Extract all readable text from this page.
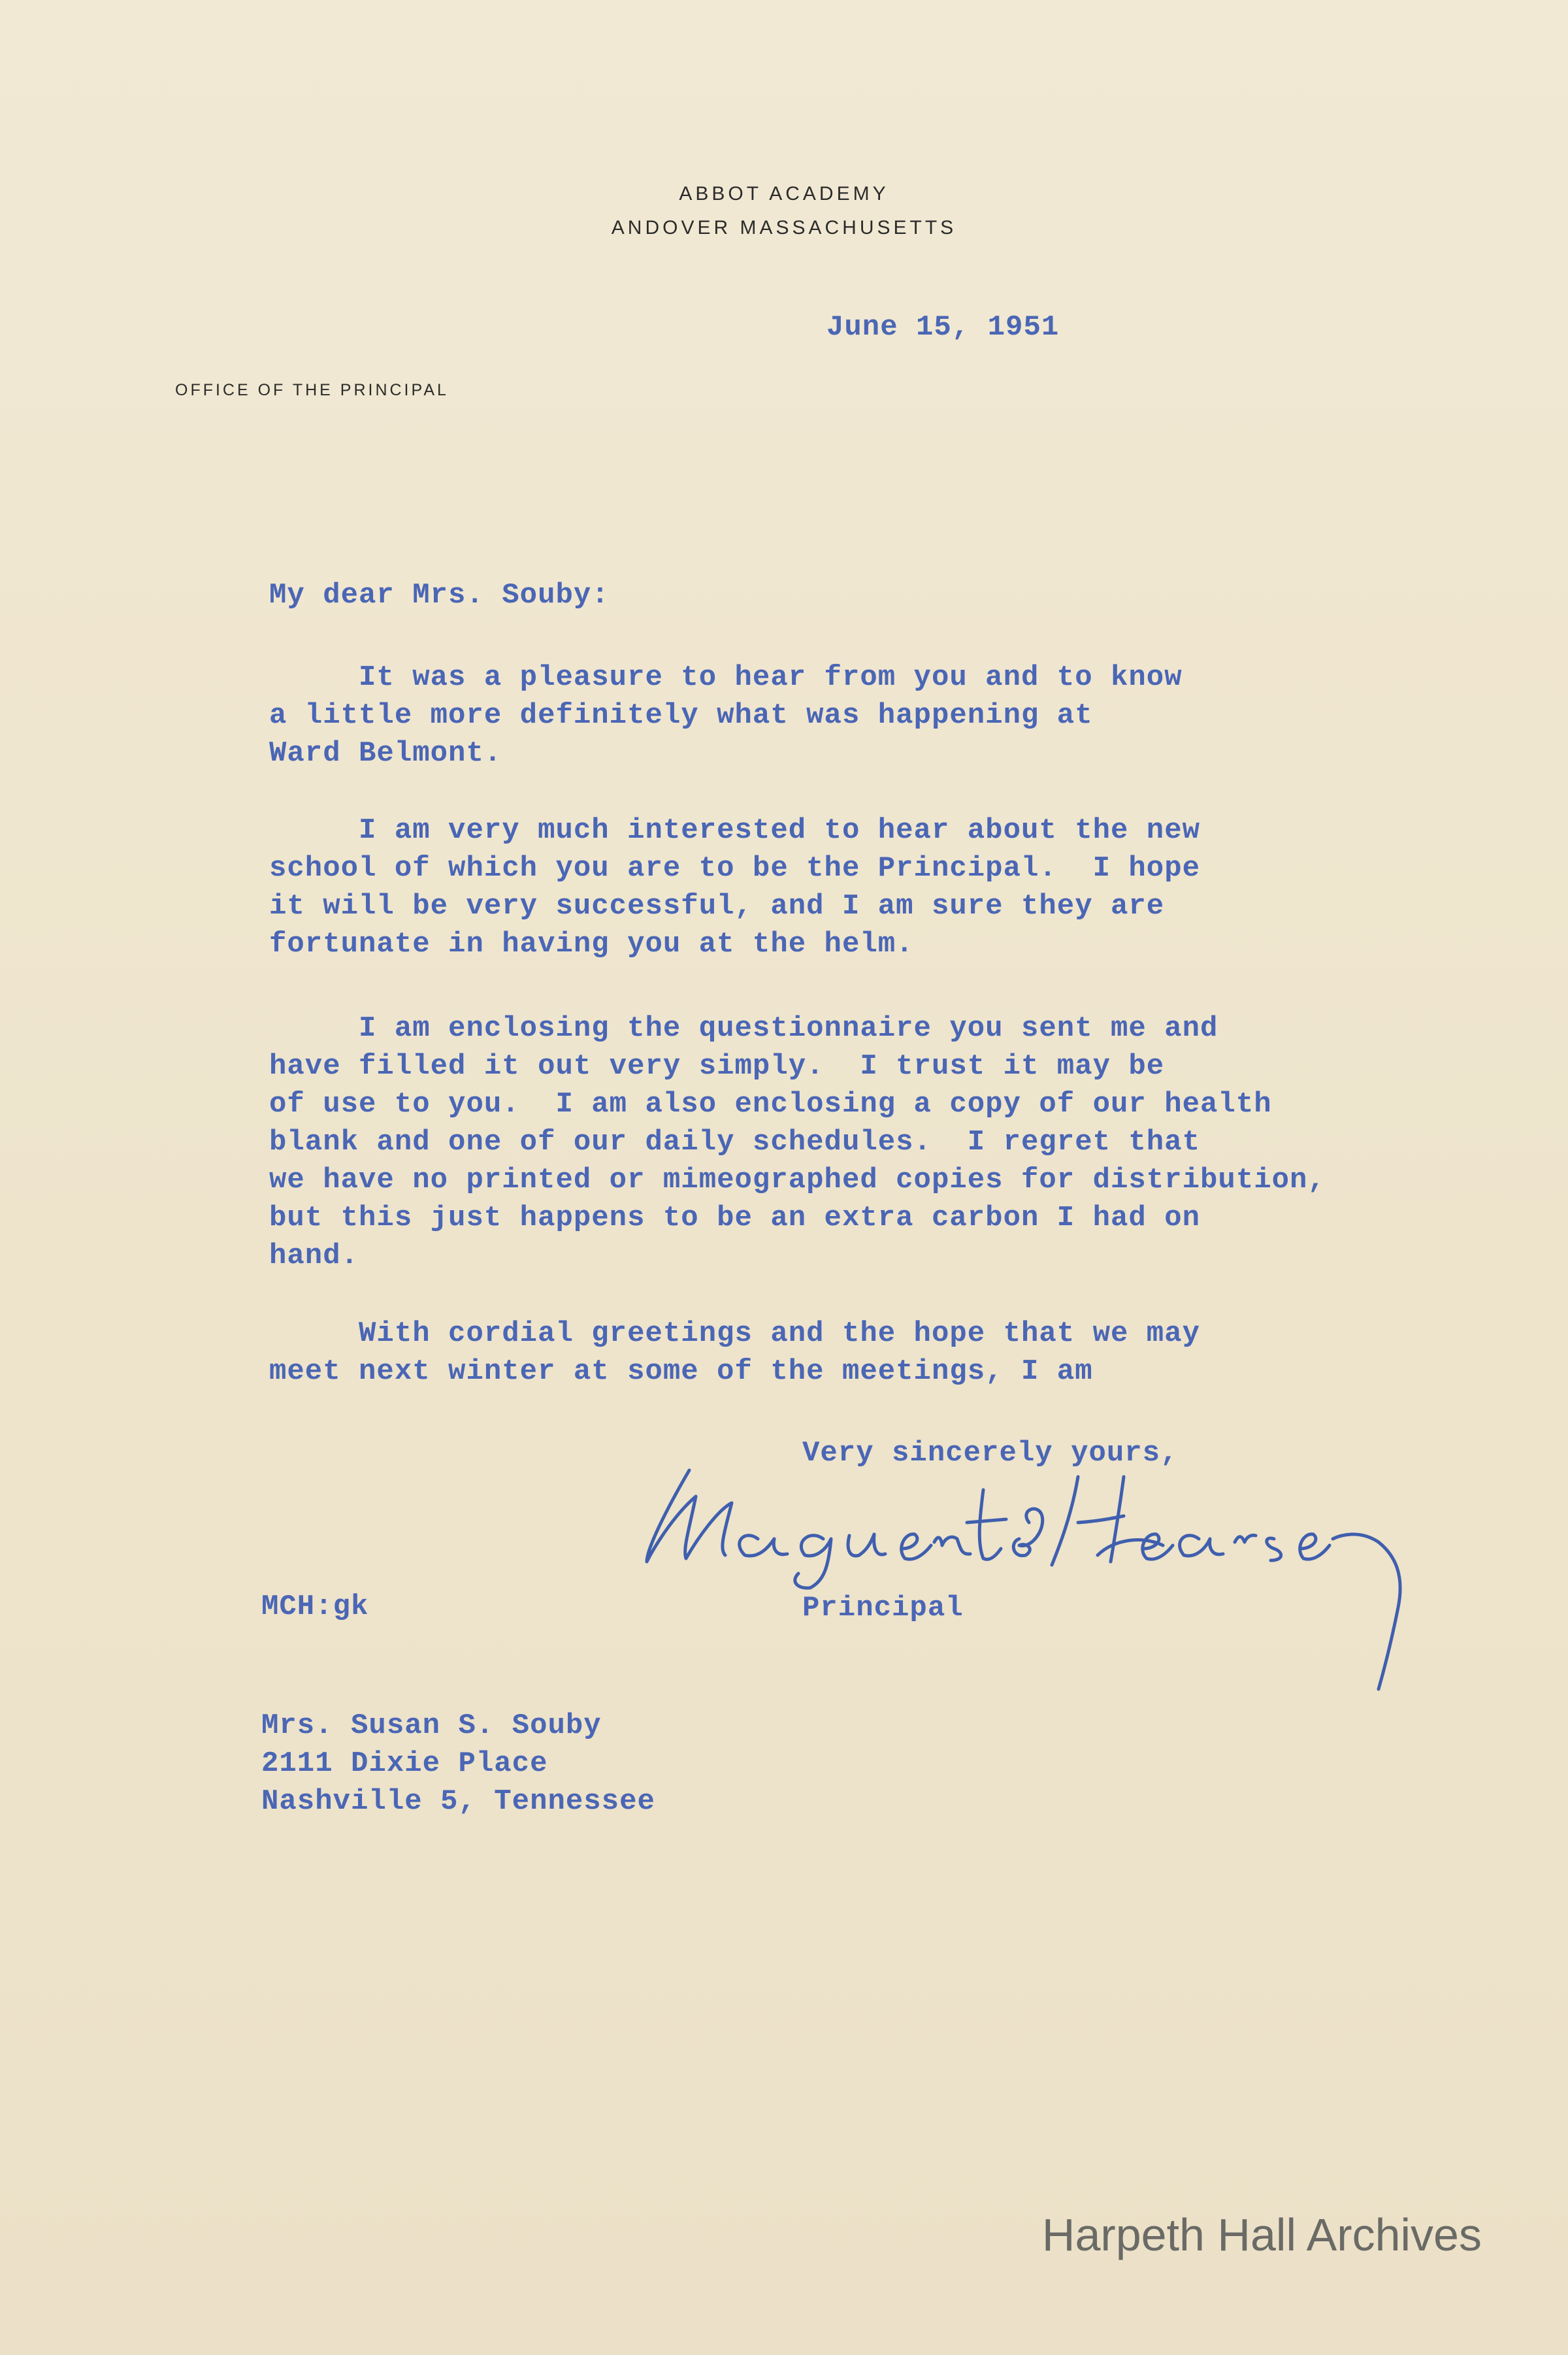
ABBOT ACADEMY
ANDOVER MASSACHUSETTS
OFFICE OF THE PRINCIPAL
June 15, 1951
My dear Mrs. Souby:
It was a pleasure to hear from you and to know
a little more definitely what was happening at
Ward Belmont.
I am very much interested to hear about the new
school of which you are to be the Principal.  I hope
it will be very successful, and I am sure they are
fortunate in having you at the helm.
I am enclosing the questionnaire you sent me and
have filled it out very simply.  I trust it may be
of use to you.  I am also enclosing a copy of our health
blank and one of our daily schedules.  I regret that
we have no printed or mimeographed copies for distribution,
but this just happens to be an extra carbon I had on
hand.
With cordial greetings and the hope that we may
meet next winter at some of the meetings, I am
Very sincerely yours,
MCH:gk	Principal
Mrs. Susan S. Souby
2111 Dixie Place
Nashville 5, Tennessee
Harpeth Hall Archives
